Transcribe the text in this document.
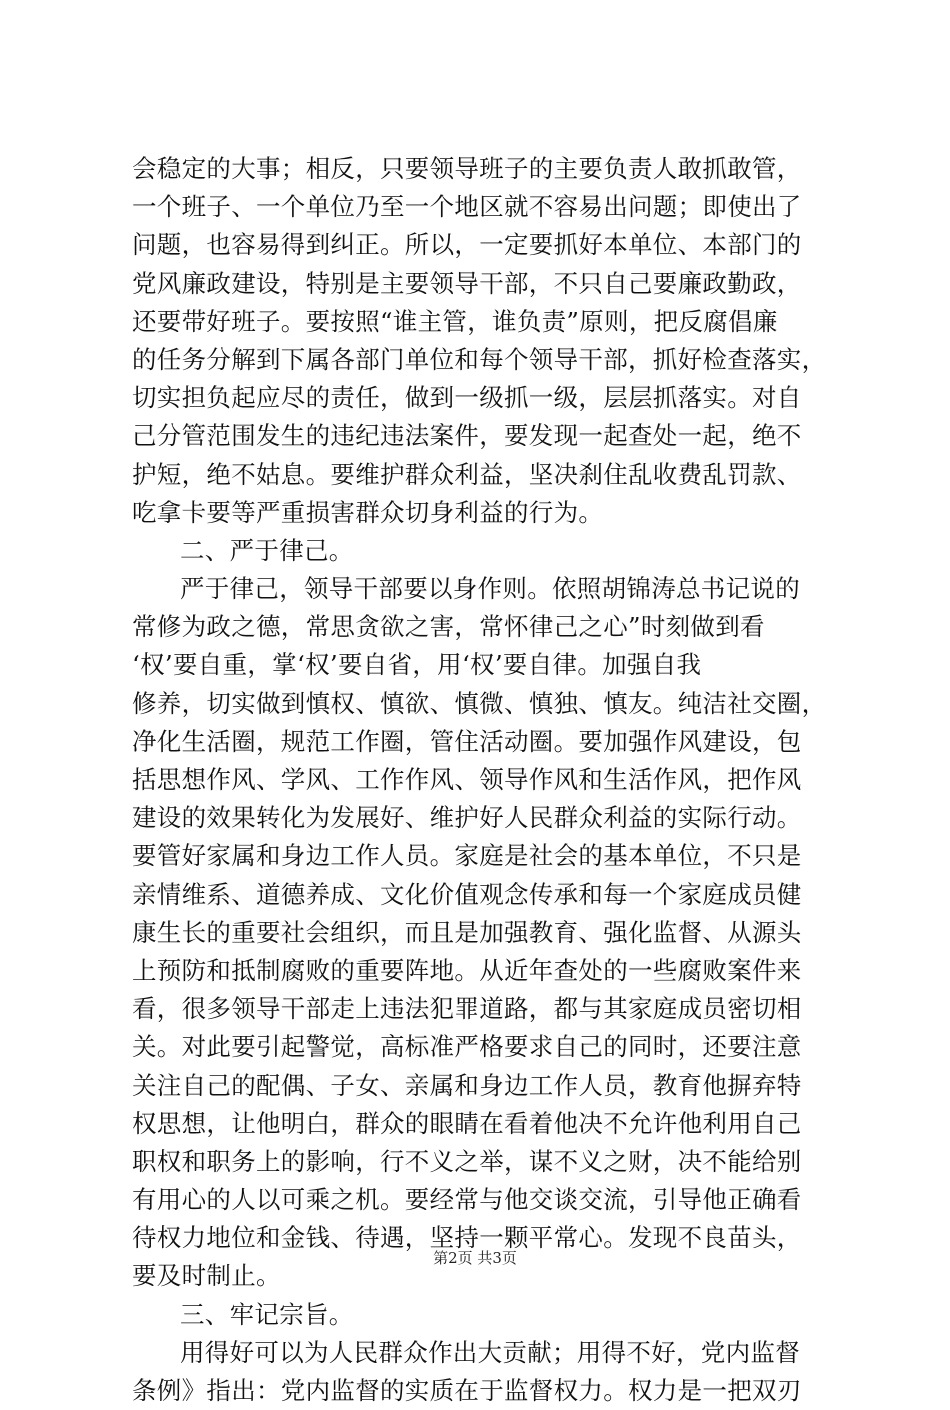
会稳定的大事；相反，只要领导班子的主要负责人敢抓敢管，
一个班子、一个单位乃至一个地区就不容易出问题；即使出了
问题，也容易得到纠正。所以，一定要抓好本单位、本部门的
党风廉政建设，特别是主要领导干部，不只自己要廉政勤政，
还要带好班子。要按照“谁主管，谁负责”原则，把反腐倡廉
的任务分解到下属各部门单位和每个领导干部，抓好检查落实，
切实担负起应尽的责任，做到一级抓一级，层层抓落实。对自
己分管范围发生的违纪违法案件，要发现一起查处一起，绝不
护短，绝不姑息。要维护群众利益，坚决刹住乱收费乱罚款、
吃拿卡要等严重损害群众切身利益的行为。
二、严于律己。
严于律己，领导干部要以身作则。依照胡锦涛总书记说的
常修为政之德，常思贪欲之害，常怀律己之心”时刻做到看
‘权’要自重，掌‘权’要自省，用‘权’要自律。加强自我
修养，切实做到慎权、慎欲、慎微、慎独、慎友。纯洁社交圈，
净化生活圈，规范工作圈，管住活动圈。要加强作风建设，包
括思想作风、学风、工作作风、领导作风和生活作风，把作风
建设的效果转化为发展好、维护好人民群众利益的实际行动。
要管好家属和身边工作人员。家庭是社会的基本单位，不只是
亲情维系、道德养成、文化价值观念传承和每一个家庭成员健
康生长的重要社会组织，而且是加强教育、强化监督、从源头
上预防和抵制腐败的重要阵地。从近年查处的一些腐败案件来
看，很多领导干部走上违法犯罪道路，都与其家庭成员密切相
关。对此要引起警觉，高标准严格要求自己的同时，还要注意
关注自己的配偶、子女、亲属和身边工作人员，教育他摒弃特
权思想，让他明白，群众的眼睛在看着他决不允许他利用自己
职权和职务上的影响，行不义之举，谋不义之财，决不能给别
有用心的人以可乘之机。要经常与他交谈交流，引导他正确看
待权力地位和金钱、待遇，坚持一颗平常心。发现不良苗头，
要及时制止。
三、牢记宗旨。
用得好可以为人民群众作出大贡献；用得不好，党内监督
条例》指出：党内监督的实质在于监督权力。权力是一把双刃
第2页 共3页
